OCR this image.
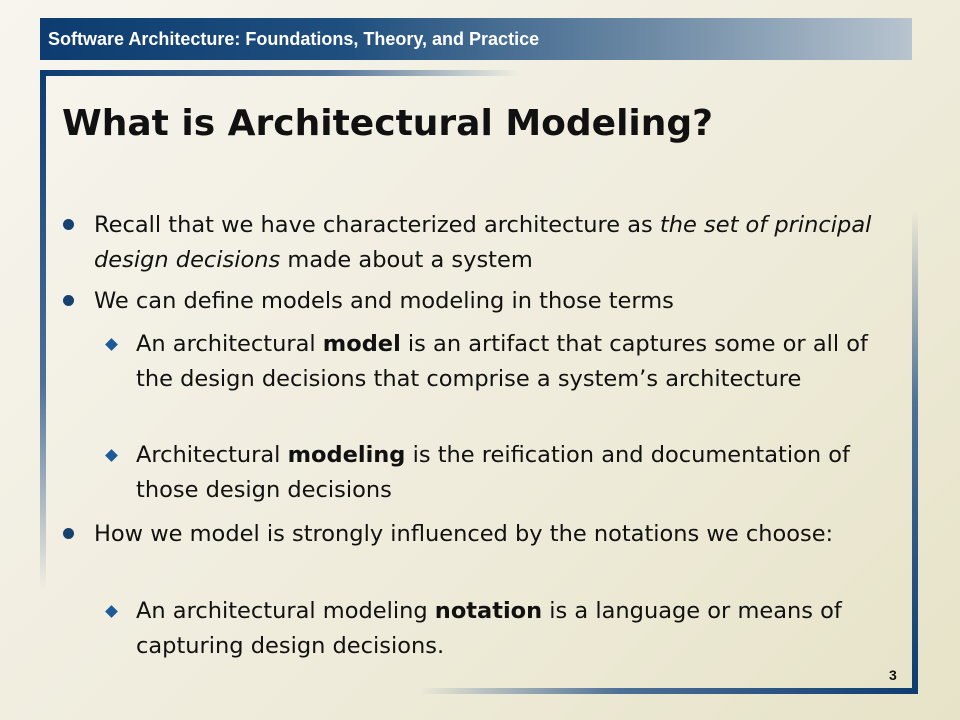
Software Architecture: Foundations, Theory, and Practice
What is Architectural Modeling?
Recall that we have characterized architecture as the set of principal design decisions made about a system
We can define models and modeling in those terms
An architectural model is an artifact that captures some or all of the design decisions that comprise a system’s architecture
Architectural modeling is the reification and documentation of those design decisions
How we model is strongly influenced by the notations we choose:
An architectural modeling notation is a language or means of capturing design decisions.
3
